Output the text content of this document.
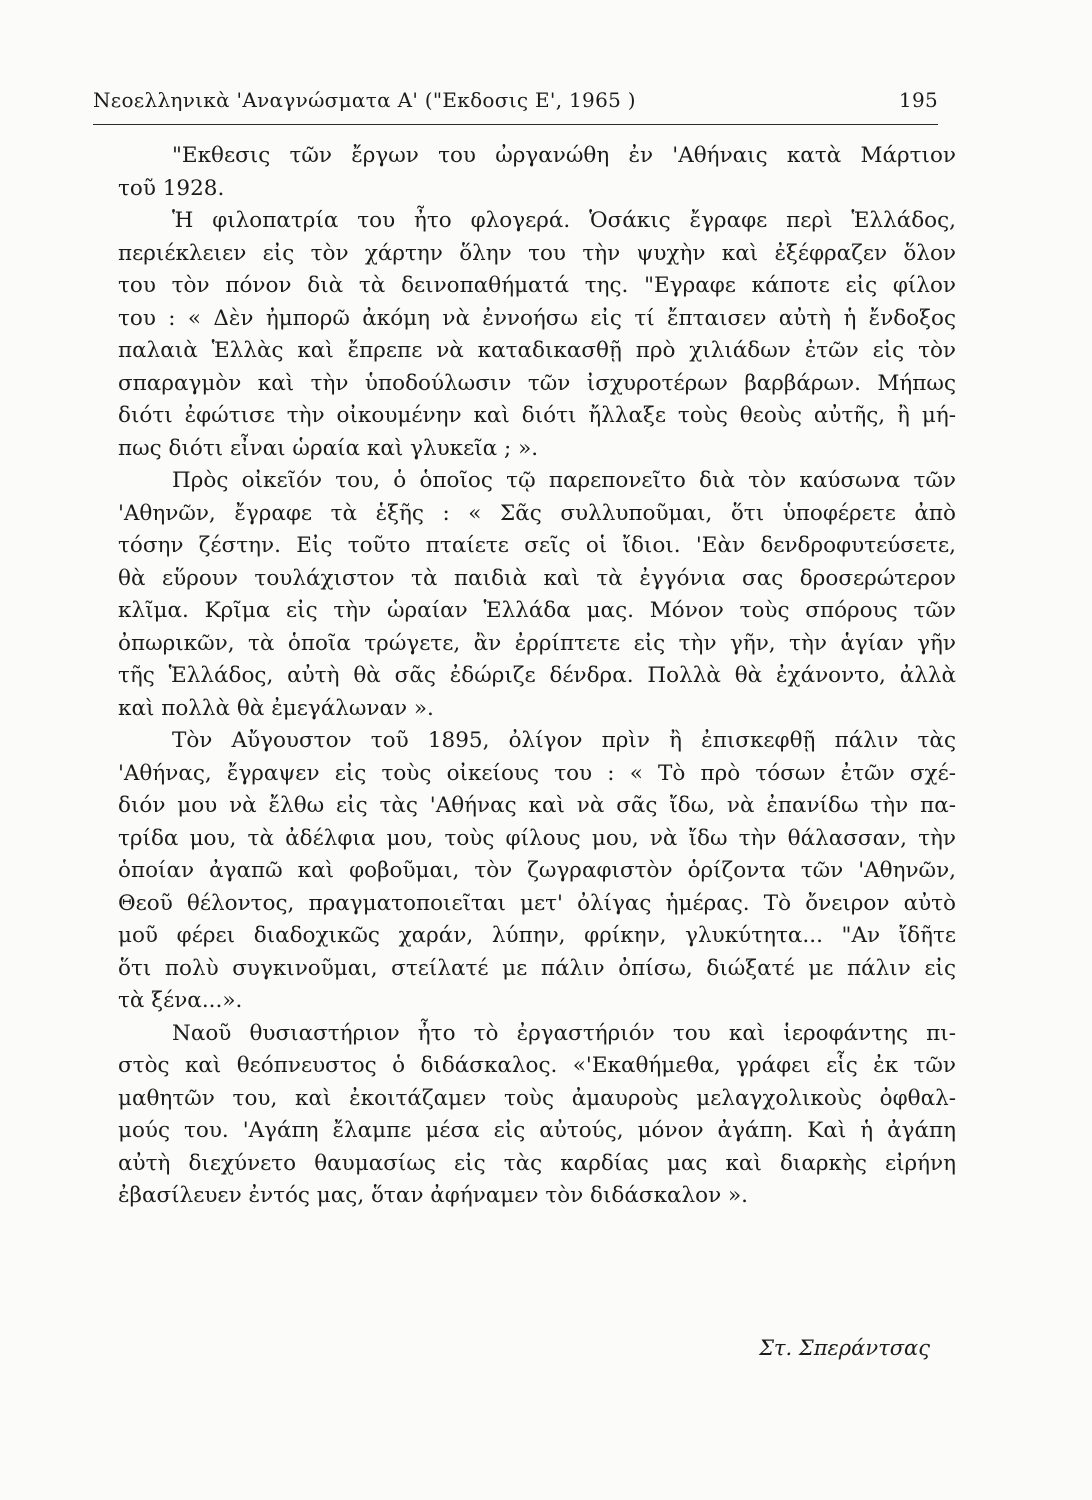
Νεοελληνικὰ 'Αναγνώσματα Α' ("Εκδοσις Ε', 1965 )	195
"Εκθεσις τῶν ἔργων του ὠργανώθη ἐν 'Αθήναις κατὰ Μάρτιον
τοῦ 1928.
Ἡ φιλοπατρία του ἦτο φλογερά. Ὁσάκις ἔγραφε περὶ Ἑλλάδος,
περιέκλειεν εἰς τὸν χάρτην ὅλην του τὴν ψυχὴν καὶ ἐξέφραζεν ὅλον
του τὸν πόνον διὰ τὰ δεινοπαθήματά της. "Εγραφε κάποτε εἰς φίλον
του : « Δὲν ἠμπορῶ ἀκόμη νὰ ἐννοήσω εἰς τί ἔπταισεν αὐτὴ ἡ ἔνδοξος
παλαιὰ Ἑλλὰς καὶ ἔπρεπε νὰ καταδικασθῇ πρὸ χιλιάδων ἐτῶν εἰς τὸν
σπαραγμὸν καὶ τὴν ὑποδούλωσιν τῶν ἰσχυροτέρων βαρβάρων. Μήπως
διότι ἐφώτισε τὴν οἰκουμένην καὶ διότι ἤλλαξε τοὺς θεοὺς αὐτῆς, ἢ μή-
πως διότι εἶναι ὡραία καὶ γλυκεῖα ; ».
Πρὸς οἰκεῖόν του, ὁ ὁποῖος τῷ παρεπονεῖτο διὰ τὸν καύσωνα τῶν
'Αθηνῶν, ἔγραφε τὰ ἑξῆς : « Σᾶς συλλυποῦμαι, ὅτι ὑποφέρετε ἀπὸ
τόσην ζέστην. Εἰς τοῦτο πταίετε σεῖς οἱ ἴδιοι. 'Εὰν δενδροφυτεύσετε,
θὰ εὕρουν τουλάχιστον τὰ παιδιὰ καὶ τὰ ἐγγόνια σας δροσερώτερον
κλῖμα. Κρῖμα εἰς τὴν ὡραίαν Ἑλλάδα μας. Μόνον τοὺς σπόρους τῶν
ὀπωρικῶν, τὰ ὁποῖα τρώγετε, ἂν ἐρρίπτετε εἰς τὴν γῆν, τὴν ἁγίαν γῆν
τῆς Ἑλλάδος, αὐτὴ θὰ σᾶς ἐδώριζε δένδρα. Πολλὰ θὰ ἐχάνοντο, ἀλλὰ
καὶ πολλὰ θὰ ἐμεγάλωναν ».
Τὸν Αὔγουστον τοῦ 1895, ὀλίγον πρὶν ἢ ἐπισκεφθῇ πάλιν τὰς
'Αθήνας, ἔγραψεν εἰς τοὺς οἰκείους του : « Τὸ πρὸ τόσων ἐτῶν σχέ-
διόν μου νὰ ἔλθω εἰς τὰς 'Αθήνας καὶ νὰ σᾶς ἴδω, νὰ ἐπανίδω τὴν πα-
τρίδα μου, τὰ ἀδέλφια μου, τοὺς φίλους μου, νὰ ἴδω τὴν θάλασσαν, τὴν
ὁποίαν ἀγαπῶ καὶ φοβοῦμαι, τὸν ζωγραφιστὸν ὁρίζοντα τῶν 'Αθηνῶν,
Θεοῦ θέλοντος, πραγματοποιεῖται μετ' ὀλίγας ἡμέρας. Τὸ ὄνειρον αὐτὸ
μοῦ φέρει διαδοχικῶς χαράν, λύπην, φρίκην, γλυκύτητα... "Αν ἴδῆτε
ὅτι πολὺ συγκινοῦμαι, στείλατέ με πάλιν ὀπίσω, διώξατέ με πάλιν εἰς
τὰ ξένα...».
Ναοῦ θυσιαστήριον ἦτο τὸ ἐργαστήριόν του καὶ ἱεροφάντης πι-
στὸς καὶ θεόπνευστος ὁ διδάσκαλος. «'Εκαθήμεθα, γράφει εἷς ἐκ τῶν
μαθητῶν του, καὶ ἐκοιτάζαμεν τοὺς ἀμαυροὺς μελαγχολικοὺς ὀφθαλ-
μούς του. 'Αγάπη ἔλαμπε μέσα εἰς αὐτούς, μόνον ἀγάπη. Καὶ ἡ ἀγάπη
αὐτὴ διεχύνετο θαυμασίως εἰς τὰς καρδίας μας καὶ διαρκὴς εἰρήνη
ἐβασίλευεν ἐντός μας, ὅταν ἀφήναμεν τὸν διδάσκαλον ».
Στ. Σπεράντσας
